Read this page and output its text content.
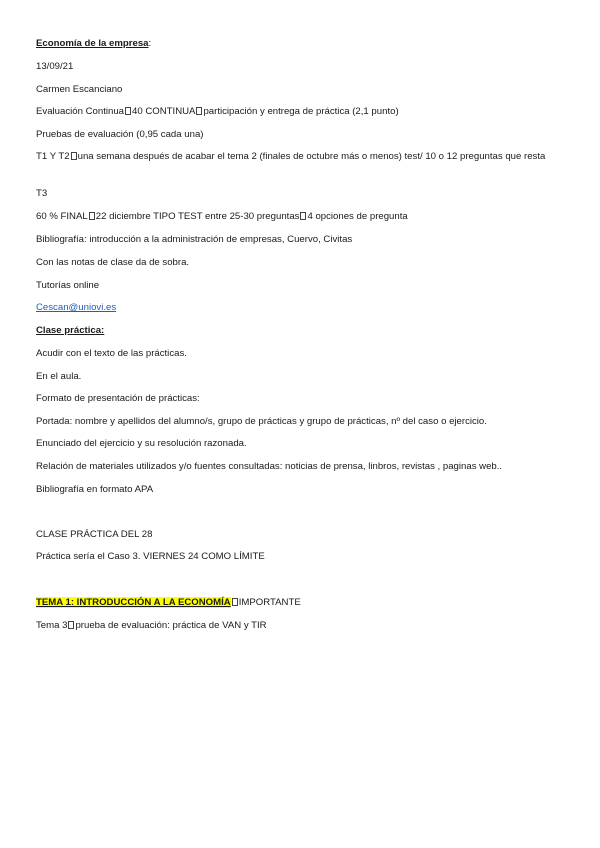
Economía de la empresa:
13/09/21
Carmen Escanciano
Evaluación Continua 40 CONTINUA participación y entrega de práctica (2,1 punto)
Pruebas de evaluación (0,95 cada una)
T1 Y T2 una semana después de acabar el tema 2 (finales de octubre más o menos) test/ 10 o 12 preguntas que resta
T3
60 % FINAL 22 diciembre TIPO TEST entre 25-30 preguntas 4 opciones de pregunta
Bibliografía: introducción a la administración de empresas, Cuervo, Civitas
Con las notas de clase da de sobra.
Tutorías online
Cescan@uniovi.es
Clase práctica:
Acudir con el texto de las prácticas.
En el aula.
Formato de presentación de prácticas:
Portada: nombre y apellidos del alumno/s, grupo de prácticas y grupo de prácticas, nº del caso o ejercicio.
Enunciado del ejercicio y su resolución razonada.
Relación de materiales utilizados y/o fuentes consultadas: noticias de prensa, linbros, revistas , paginas web..
Bibliografía en formato APA
CLASE PRÁCTICA DEL 28
Práctica sería el Caso 3. VIERNES 24 COMO LÍMITE
TEMA 1: INTRODUCCIÓN A LA ECONOMÍA IMPORTANTE
Tema 3 prueba de evaluación: práctica de VAN y TIR
